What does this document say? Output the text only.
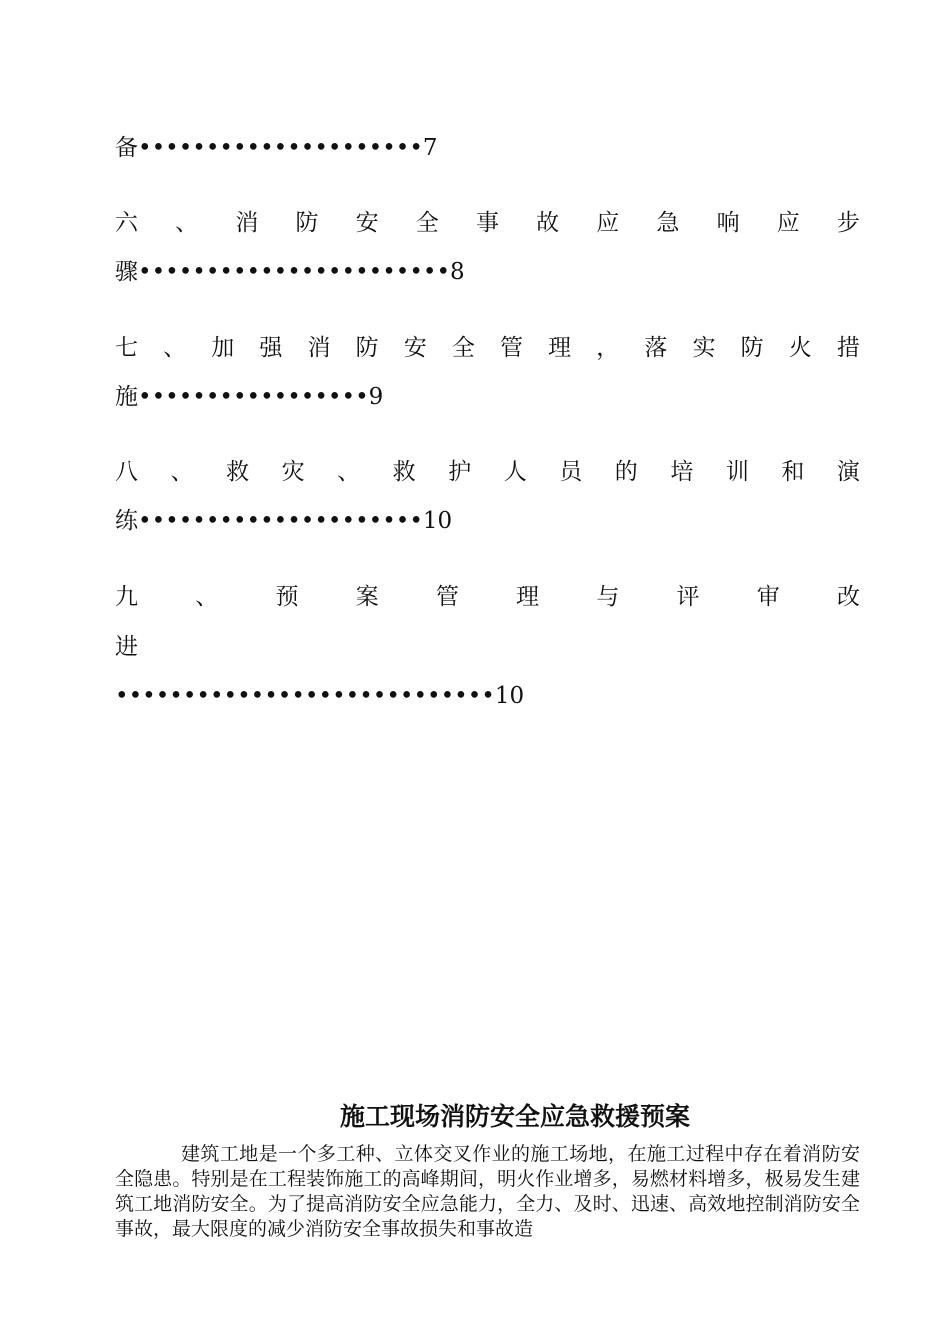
备•••••••••••••••••••••7
六 、 消 防 安 全 事 故 应 急 响 应 步
骤•••••••••••••••••••••••8
七 、 加 强 消 防 安 全 管 理 ， 落 实 防 火 措
施•••••••••••••••••9
八 、 救 灾 、 救 护 人 员 的 培 训 和 演
练•••••••••••••••••••••10
九 、 预 案 管 理 与 评 审 改
进
••••••••••••••••••••••••••••10
施工现场消防安全应急救援预案
建筑工地是一个多工种、立体交叉作业的施工场地，在施工过程中存在着消防安全隐患。特别是在工程装饰施工的高峰期间，明火作业增多，易燃材料增多，极易发生建筑工地消防安全。为了提高消防安全应急能力，全力、及时、迅速、高效地控制消防安全事故，最大限度的减少消防安全事故损失和事故造
